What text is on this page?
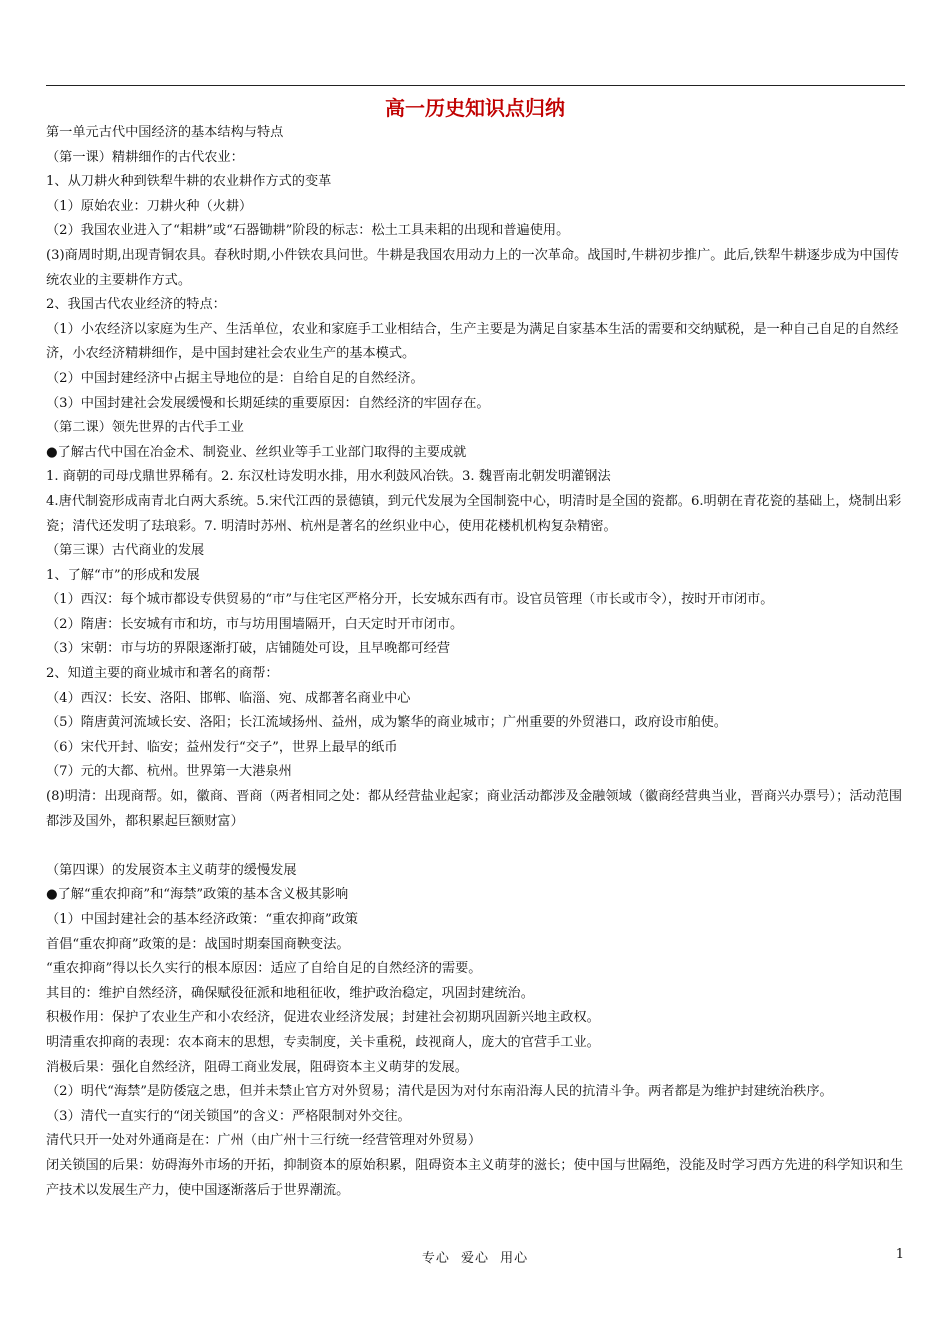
高一历史知识点归纳

第一单元古代中国经济的基本结构与特点

（第一课）精耕细作的古代农业：

1、从刀耕火种到铁犁牛耕的农业耕作方式的变革

（1）原始农业：刀耕火种（火耕）

（2）我国农业进入了“耜耕”或“石器锄耕”阶段的标志：松土工具耒耜的出现和普遍使用。

(3)商周时期,出现青铜农具。春秋时期,小件铁农具问世。牛耕是我国农用动力上的一次革命。战国时,牛耕初步推广。此后,铁犁牛耕逐步成为中国传统农业的主要耕作方式。

2、我国古代农业经济的特点：

（1）小农经济以家庭为生产、生活单位，农业和家庭手工业相结合，生产主要是为满足自家基本生活的需要和交纳赋税，是一种自己自足的自然经济，小农经济精耕细作，是中国封建社会农业生产的基本模式。

（2）中国封建经济中占据主导地位的是：自给自足的自然经济。

（3）中国封建社会发展缓慢和长期延续的重要原因：自然经济的牢固存在。

（第二课）领先世界的古代手工业

●了解古代中国在冶金术、制瓷业、丝织业等手工业部门取得的主要成就

1. 商朝的司母戊鼎世界稀有。2. 东汉杜诗发明水排，用水利鼓风冶铁。3. 魏晋南北朝发明灌钢法

4.唐代制瓷形成南青北白两大系统。5.宋代江西的景德镇，到元代发展为全国制瓷中心，明清时是全国的瓷都。6.明朝在青花瓷的基础上，烧制出彩瓷；清代还发明了珐琅彩。7. 明清时苏州、杭州是著名的丝织业中心，使用花楼机机构复杂精密。

（第三课）古代商业的发展

1、了解“市”的形成和发展

（1）西汉：每个城市都设专供贸易的“市”与住宅区严格分开，长安城东西有市。设官员管理（市长或市令），按时开市闭市。

（2）隋唐：长安城有市和坊，市与坊用围墙隔开，白天定时开市闭市。

（3）宋朝：市与坊的界限逐渐打破，店铺随处可设，且早晚都可经营

2、知道主要的商业城市和著名的商帮：

（4）西汉：长安、洛阳、邯郸、临淄、宛、成都著名商业中心

（5）隋唐黄河流域长安、洛阳；长江流域扬州、益州，成为繁华的商业城市；广州重要的外贸港口，政府设市舶使。

（6）宋代开封、临安；益州发行“交子”，世界上最早的纸币

（7）元的大都、杭州。世界第一大港泉州

(8)明清：出现商帮。如，徽商、晋商（两者相同之处：都从经营盐业起家；商业活动都涉及金融领域（徽商经营典当业，晋商兴办票号）；活动范围都涉及国外，都积累起巨额财富）

（第四课）的发展资本主义萌芽的缓慢发展

●了解“重农抑商”和“海禁”政策的基本含义极其影响

（1）中国封建社会的基本经济政策：“重农抑商”政策

首倡“重农抑商”政策的是：战国时期秦国商鞅变法。

“重农抑商”得以长久实行的根本原因：适应了自给自足的自然经济的需要。

其目的：维护自然经济，确保赋役征派和地租征收，维护政治稳定，巩固封建统治。

积极作用：保护了农业生产和小农经济，促进农业经济发展；封建社会初期巩固新兴地主政权。

明清重农抑商的表现：农本商末的思想，专卖制度，关卡重税，歧视商人，庞大的官营手工业。

消极后果：强化自然经济，阻碍工商业发展，阻碍资本主义萌芽的发展。

（2）明代“海禁”是防倭寇之患，但并未禁止官方对外贸易；清代是因为对付东南沿海人民的抗清斗争。两者都是为维护封建统治秩序。

（3）清代一直实行的“闭关锁国”的含义：严格限制对外交往。

清代只开一处对外通商是在：广州（由广州十三行统一经营管理对外贸易）

闭关锁国的后果：妨碍海外市场的开拓，抑制资本的原始积累，阻碍资本主义萌芽的滋长；使中国与世隔绝，没能及时学习西方先进的科学知识和生产技术以发展生产力，使中国逐渐落后于世界潮流。

专心 爱心 用心	1
